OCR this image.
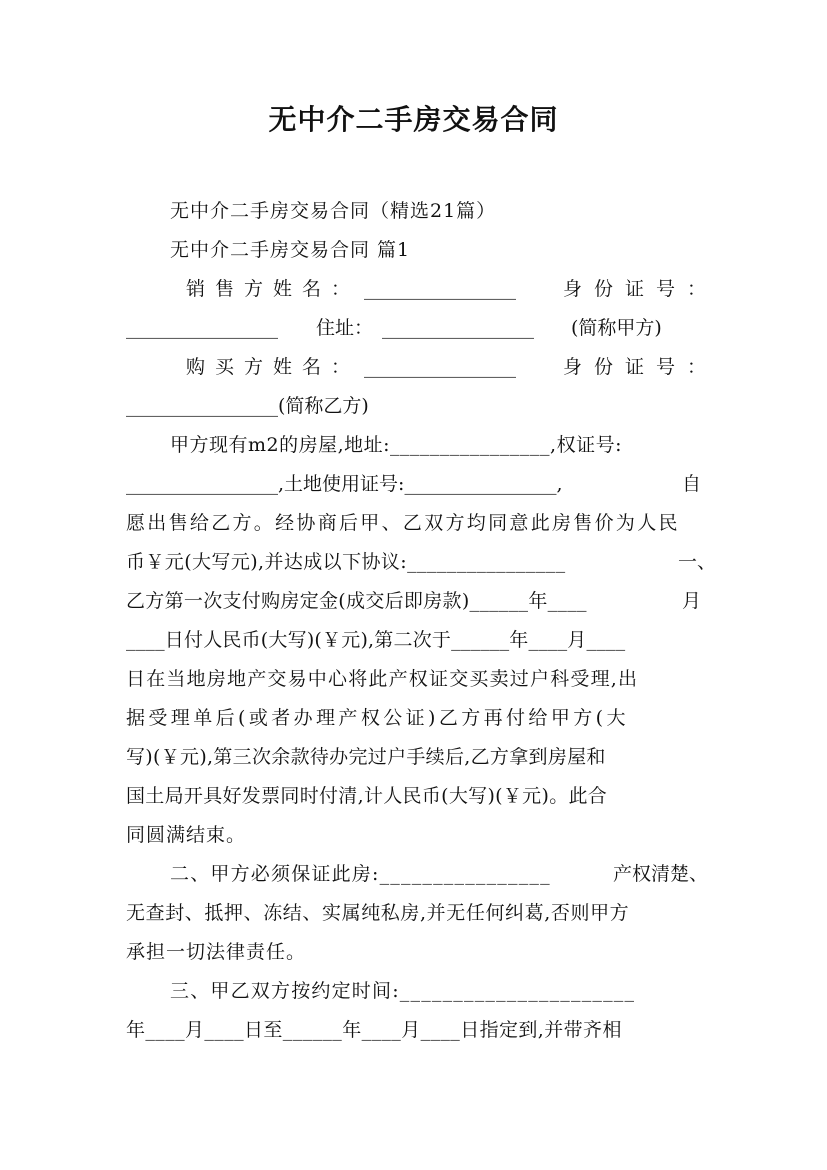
无中介二手房交易合同
无中介二手房交易合同（精选21篇）
无中介二手房交易合同 篇1
销售方姓名： ________________ 身份证号：
________________ 住址： ________________ (简称甲方)
购买方姓名： ________________ 身份证号：
________________(简称乙方)
甲方现有m2的房屋,地址:________________,权证号:
________________,土地使用证号:________________,	自
愿出售给乙方。经协商后甲、乙双方均同意此房售价为人民
币￥元(大写元),并达成以下协议:________________	一、
乙方第一次支付购房定金(成交后即房款)______年____	月
____日付人民币(大写)(￥元),第二次于______年____月____
日在当地房地产交易中心将此产权证交买卖过户科受理,出
据受理单后(或者办理产权公证)乙方再付给甲方(大
写)(￥元),第三次余款待办完过户手续后,乙方拿到房屋和
国土局开具好发票同时付清,计人民币(大写)(￥元)。此合
同圆满结束。
二、甲方必须保证此房:________________	产权清楚、
无查封、抵押、冻结、实属纯私房,并无任何纠葛,否则甲方
承担一切法律责任。
三、甲乙双方按约定时间:______________________
年____月____日至______年____月____日指定到,并带齐相
